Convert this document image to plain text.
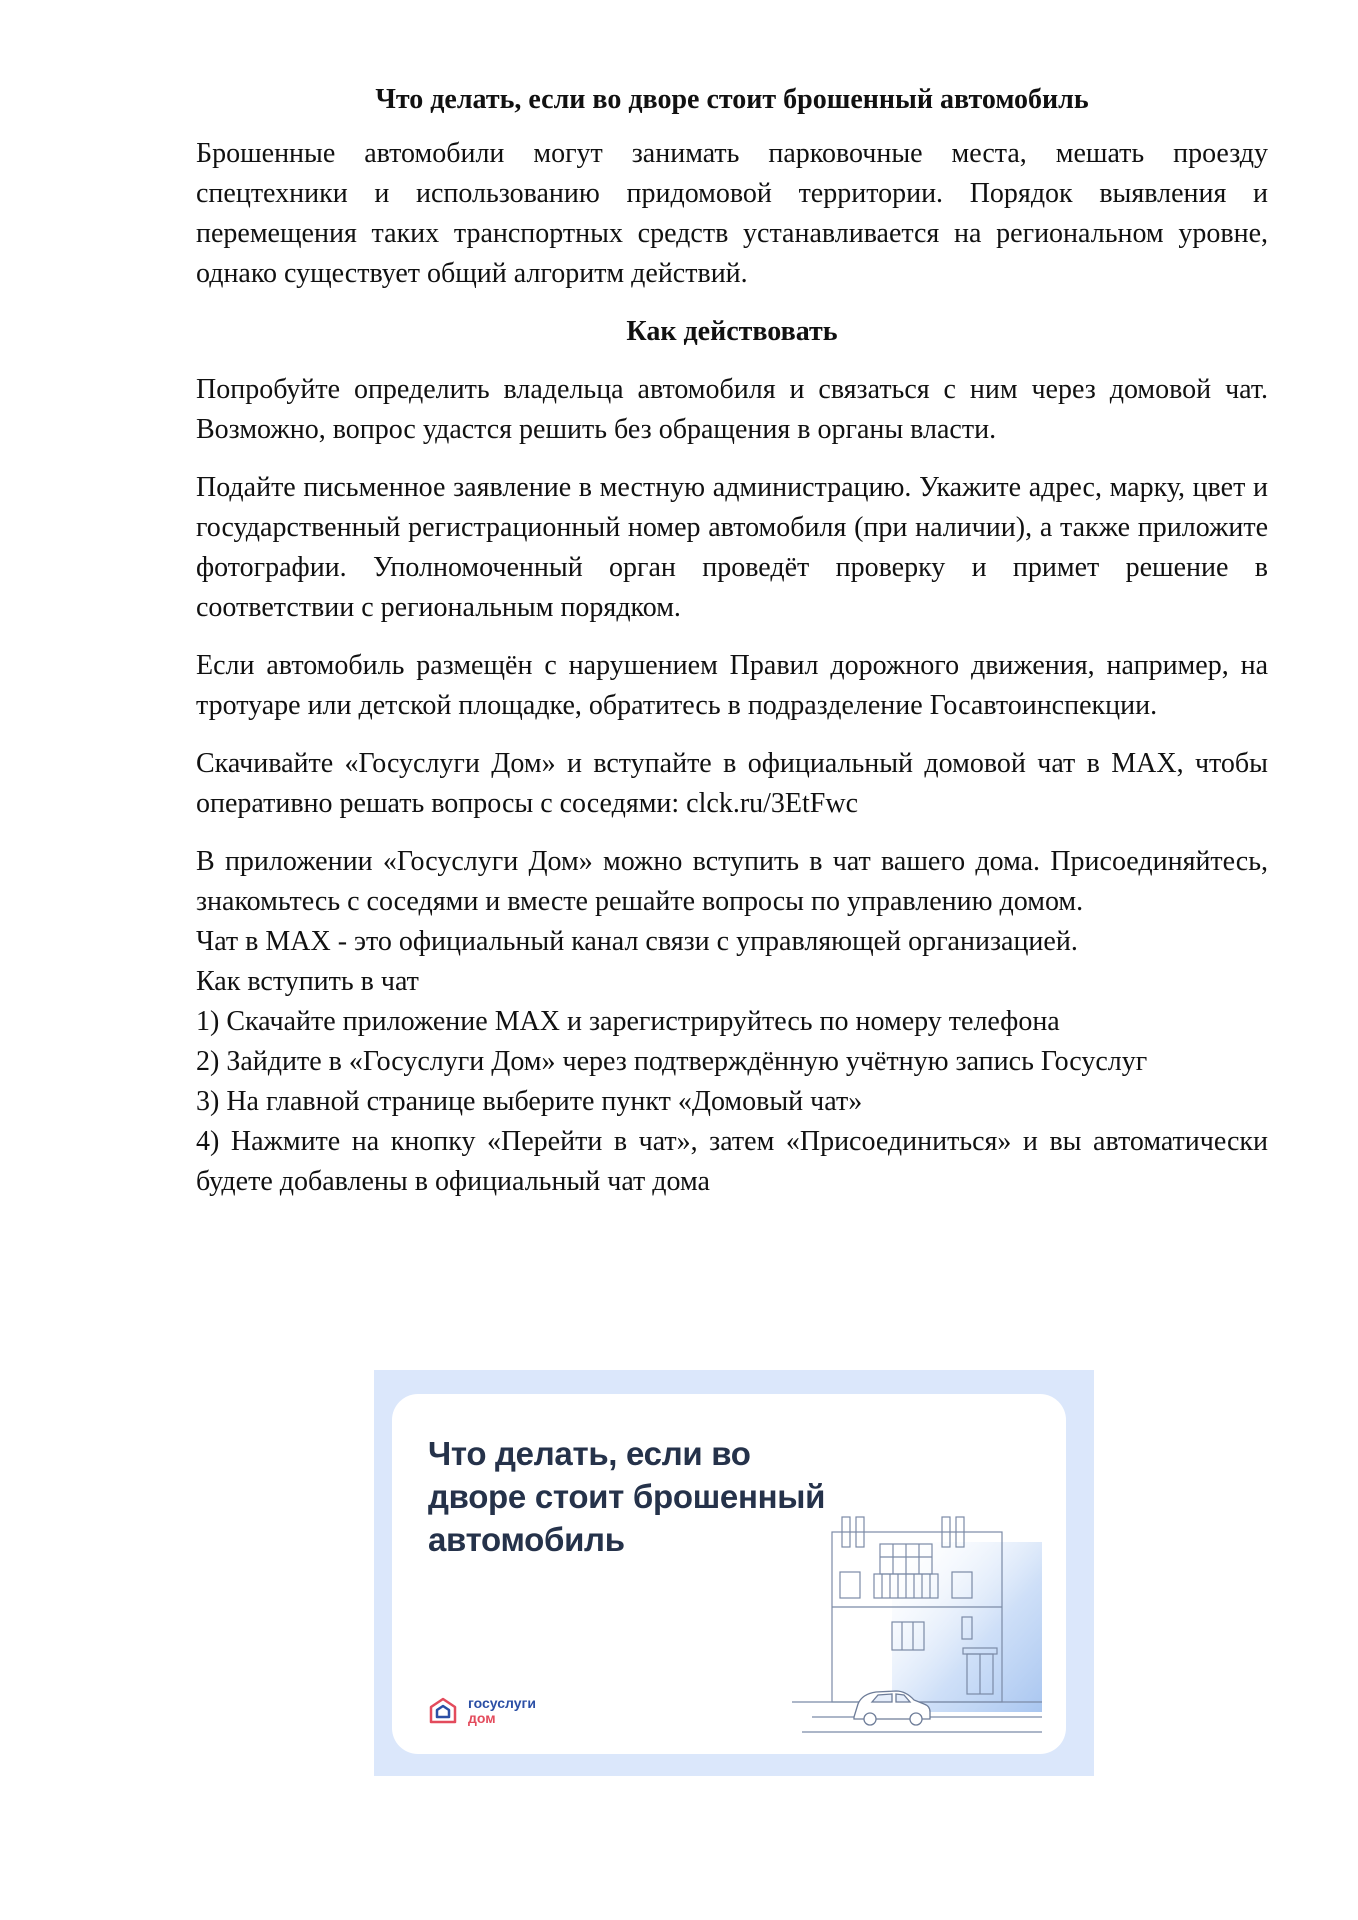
Что делать, если во дворе стоит брошенный автомобиль

Брошенные автомобили могут занимать парковочные места, мешать проезду спецтехники и использованию придомовой территории. Порядок выявления и перемещения таких транспортных средств устанавливается на региональном уровне, однако существует общий алгоритм действий.

Как действовать

Попробуйте определить владельца автомобиля и связаться с ним через домовой чат. Возможно, вопрос удастся решить без обращения в органы власти.

Подайте письменное заявление в местную администрацию. Укажите адрес, марку, цвет и государственный регистрационный номер автомобиля (при наличии), а также приложите фотографии. Уполномоченный орган проведёт проверку и примет решение в соответствии с региональным порядком.

Если автомобиль размещён с нарушением Правил дорожного движения, например, на тротуаре или детской площадке, обратитесь в подразделение Госавтоинспекции.

Скачивайте «Госуслуги Дом» и вступайте в официальный домовой чат в MAX, чтобы оперативно решать вопросы с соседями: clck.ru/3EtFwc

В приложении «Госуслуги Дом» можно вступить в чат вашего дома. Присоединяйтесь, знакомьтесь с соседями и вместе решайте вопросы по управлению домом.

Чат в MAX - это официальный канал связи с управляющей организацией.

Как вступить в чат

1) Скачайте приложение MAX и зарегистрируйтесь по номеру телефона

2) Зайдите в «Госуслуги Дом» через подтверждённую учётную запись Госуслуг

3) На главной странице выберите пункт «Домовый чат»

4) Нажмите на кнопку «Перейти в чат», затем «Присоединиться» и вы автоматически будете добавлены в официальный чат дома

Что делать, если во дворе стоит брошенный автомобиль
госуслуги
дом
